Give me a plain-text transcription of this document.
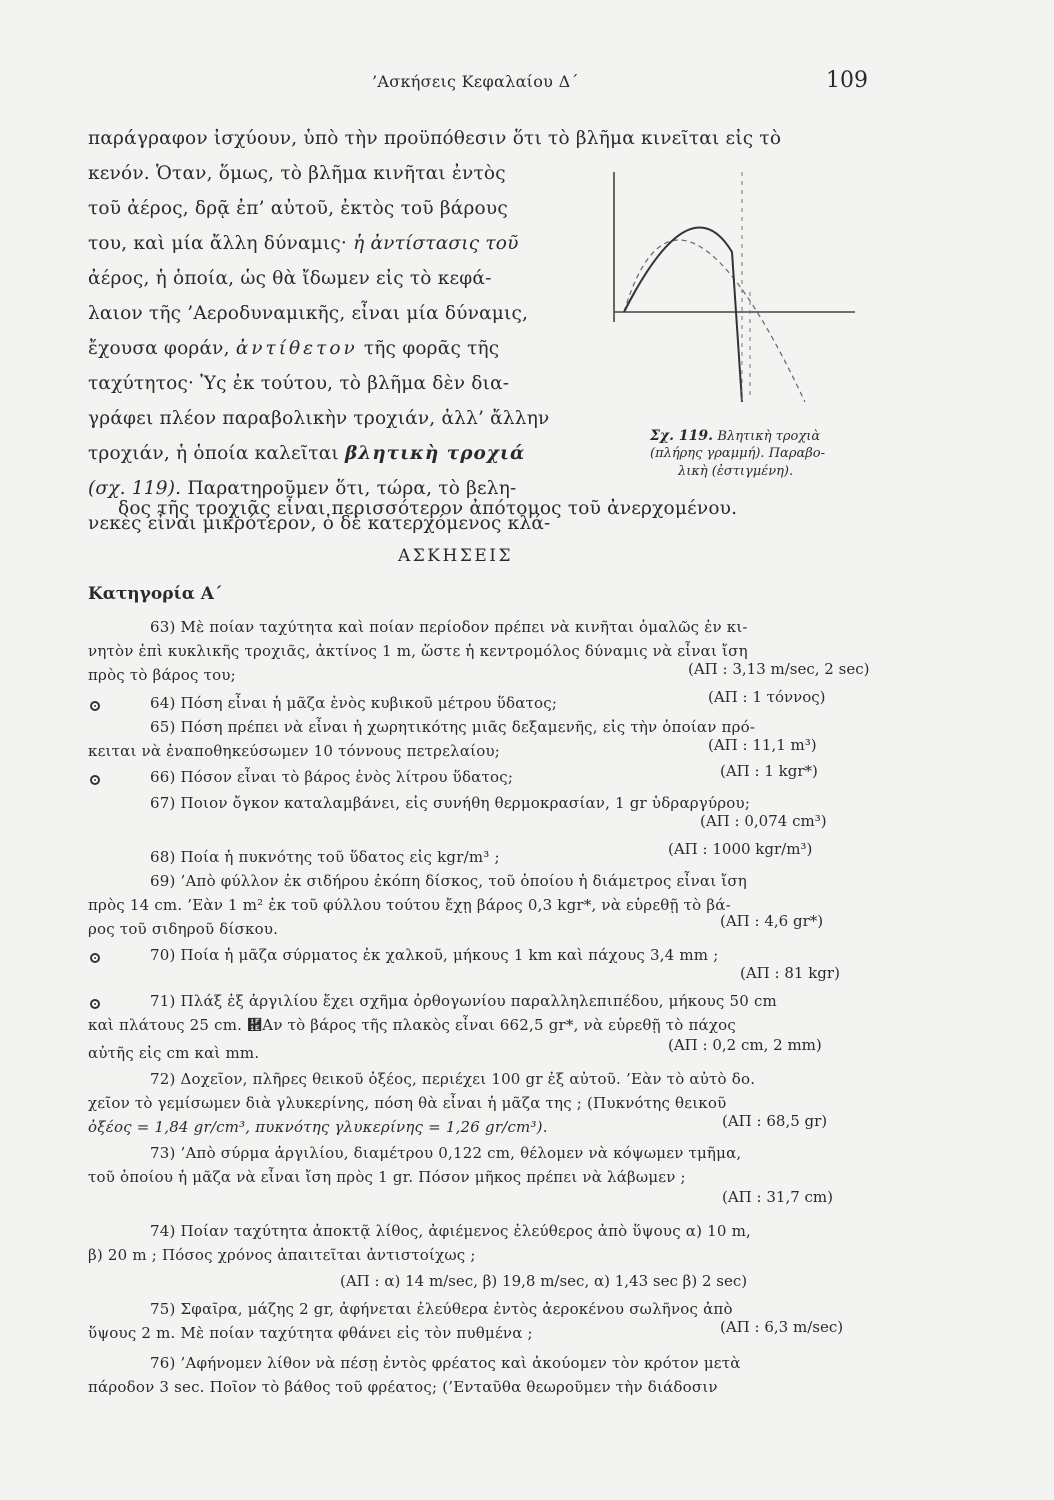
’Ασκήσεις Κεφαλαίου Δ´	109
παράγραφον ἰσχύουν, ὑπὸ τὴν προϋπόθεσιν ὅτι τὸ βλῆμα κινεῖται εἰς τὸ
κενόν. Ὁταν, ὅμως, τὸ βλῆμα κινῆται ἐντὸς
τοῦ ἀέρος, δρᾷ ἐπ’ αὐτοῦ, ἐκτὸς τοῦ βάρους
του, καὶ μία ἄλλη δύναμις· ἡ ἀντίστασις τοῦ
ἀέρος, ἡ ὁποία, ὡς θὰ ἴδωμεν εἰς τὸ κεφά-
λαιον τῆς ’Αεροδυναμικῆς, εἶναι μία δύναμις,
ἔχουσα φοράν, ἀντίθετον τῆς φορᾶς τῆς
ταχύτητος· Ὑς ἐκ τούτου, τὸ βλῆμα δὲν δια-
γράφει πλέον παραβολικὴν τροχιάν, ἀλλ’ ἄλλην
τροχιάν, ἡ ὁποία καλεῖται βλητικὴ τροχιά
(σχ. 119). Παρατηροῦμεν ὅτι, τώρα, τὸ βελη-
νεκὲς εἶναι μικρότερον, ὁ δὲ κατερχόμενος κλά-
Σχ. 119. Βλητικὴ τροχιὰ
(πλήρης γραμμή). Παραβο-
λικὴ (ἐστιγμένη).
δος τῆς τροχιᾶς εἶναι περισσότερον ἀπότομος τοῦ ἀνερχομένου.
ΑΣΚΗΣΕΙΣ
Κατηγορία Α´
63) Μὲ ποίαν ταχύτητα καὶ ποίαν περίοδον πρέπει νὰ κινῆται ὁμαλῶς ἐν κι-
νητὸν ἐπὶ κυκλικῆς τροχιᾶς, ἀκτίνος 1 m, ὥστε ἡ κεντρομόλος δύναμις νὰ εἶναι ἴση
πρὸς τὸ βάρος του;	(ΑΠ : 3,13 m/sec, 2 sec)
64) Πόση εἶναι ἡ μᾶζα ἑνὸς κυβικοῦ μέτρου ὕδατος;	(ΑΠ : 1 τόννος)
65) Πόση πρέπει νὰ εἶναι ἡ χωρητικότης μιᾶς δεξαμενῆς, εἰς τὴν ὁποίαν πρό-
κειται νὰ ἐναποθηκεύσωμεν 10 τόννους πετρελαίου;	(ΑΠ : 11,1 m³)
66) Πόσον εἶναι τὸ βάρος ἑνὸς λίτρου ὕδατος;	(ΑΠ : 1 kgr*)
67) Ποιον ὄγκον καταλαμβάνει, εἰς συνήθη θερμοκρασίαν, 1 gr ὑδραργύρου;
(ΑΠ : 0,074 cm³)
68) Ποία ἡ πυκνότης τοῦ ὕδατος εἰς kgr/m³ ;	(ΑΠ : 1000 kgr/m³)
69) ’Απὸ φύλλον ἐκ σιδήρου ἐκόπη δίσκος, τοῦ ὁποίου ἡ διάμετρος εἶναι ἴση
πρὸς 14 cm. ’Εὰν 1 m² ἐκ τοῦ φύλλου τούτου ἔχῃ βάρος 0,3 kgr*, νὰ εὑρεθῇ τὸ βά-
ρος τοῦ σιδηροῦ δίσκου.	(ΑΠ : 4,6 gr*)
70) Ποία ἡ μᾶζα σύρματος ἐκ χαλκοῦ, μήκους 1 km καὶ πάχους 3,4 mm ;
(ΑΠ : 81 kgr)
71) Πλάξ ἐξ ἀργιλίου ἔχει σχῆμα ὀρθογωνίου παραλληλεπιπέδου, μήκους 50 cm
καὶ πλάτους 25 cm. ἞Αν τὸ βάρος τῆς πλακὸς εἶναι 662,5 gr*, νὰ εὑρεθῇ τὸ πάχος
αὐτῆς εἰς cm καὶ mm.	(ΑΠ : 0,2 cm, 2 mm)
72) Δοχεῖον, πλῆρες θεικοῦ ὀξέος, περιέχει 100 gr ἐξ αὐτοῦ. ’Εὰν τὸ αὐτὸ δο.
χεῖον τὸ γεμίσωμεν διὰ γλυκερίνης, πόση θὰ εἶναι ἡ μᾶζα της ; (Πυκνότης θεικοῦ
ὀξέος = 1,84 gr/cm³, πυκνότης γλυκερίνης = 1,26 gr/cm³).	(ΑΠ : 68,5 gr)
73) ’Απὸ σύρμα ἀργιλίου, διαμέτρου 0,122 cm, θέλομεν νὰ κόψωμεν τμῆμα,
τοῦ ὁποίου ἡ μᾶζα νὰ εἶναι ἴση πρὸς 1 gr. Πόσον μῆκος πρέπει νὰ λάβωμεν ;
(ΑΠ : 31,7 cm)
74) Ποίαν ταχύτητα ἀποκτᾷ λίθος, ἀφιέμενος ἐλεύθερος ἀπὸ ὕψους α) 10 m,
β) 20 m ; Πόσος χρόνος ἀπαιτεῖται ἀντιστοίχως ;
(ΑΠ : α) 14 m/sec, β) 19,8 m/sec, α) 1,43 sec β) 2 sec)
75) Σφαῖρα, μάζης 2 gr, ἀφήνεται ἐλεύθερα ἐντὸς ἀεροκένου σωλῆνος ἀπὸ
ὕψους 2 m. Μὲ ποίαν ταχύτητα φθάνει εἰς τὸν πυθμένα ;	(ΑΠ : 6,3 m/sec)
76) ’Αφήνομεν λίθον νὰ πέσῃ ἐντὸς φρέατος καὶ ἀκούομεν τὸν κρότον μετὰ
πάροδον 3 sec. Ποῖον τὸ βάθος τοῦ φρέατος; (’Ενταῦθα θεωροῦμεν τὴν διάδοσιν
